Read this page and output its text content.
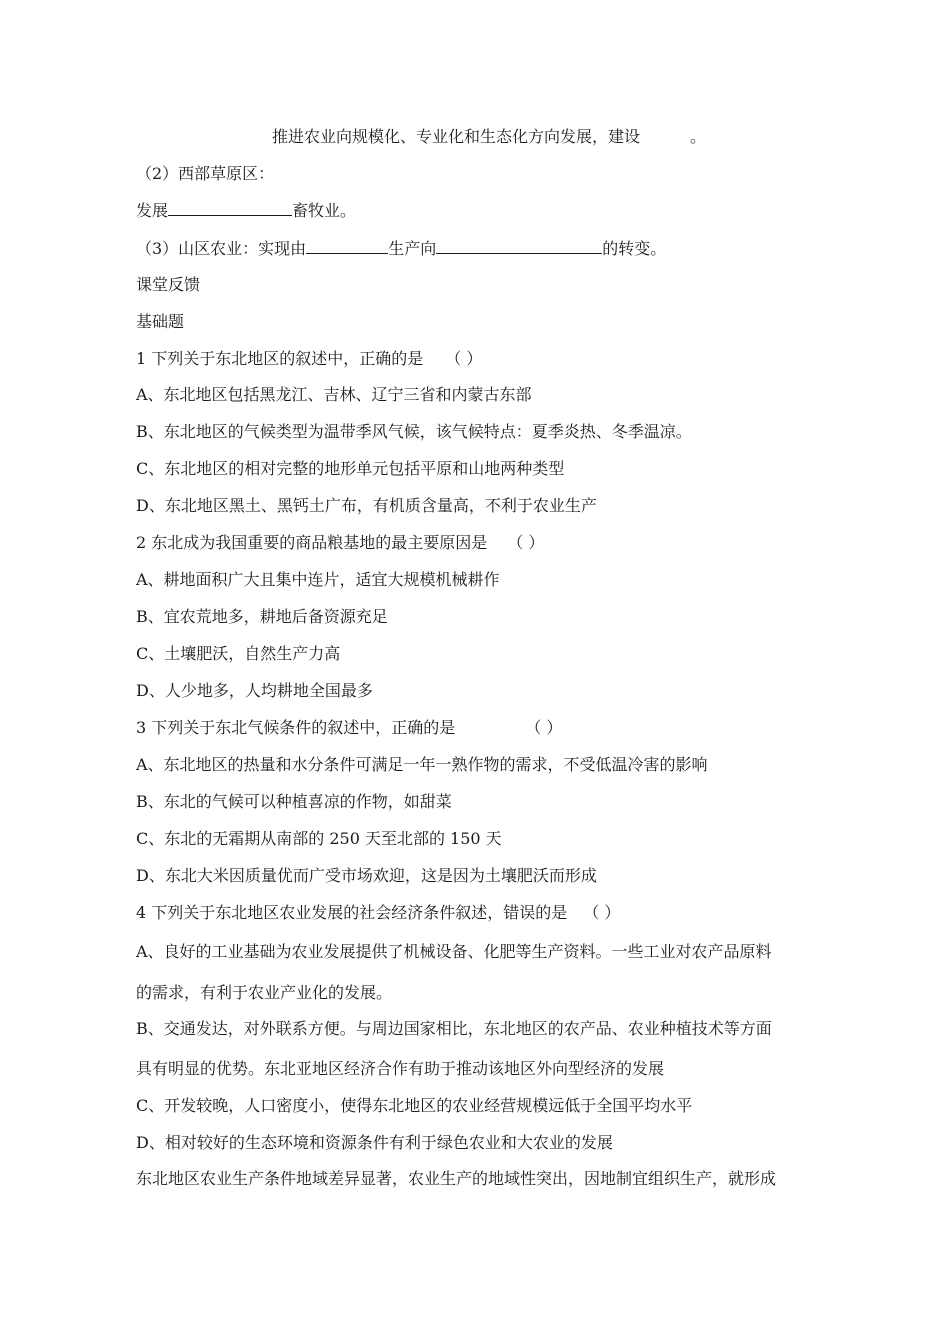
推进农业向规模化、专业化和生态化方向发展，建设	。
（2）西部草原区：
发展	畜牧业。
（3）山区农业：实现由	生产向	的转变。
课堂反馈
基础题
1 下列关于东北地区的叙述中，正确的是 （ ）
A、东北地区包括黑龙江、吉林、辽宁三省和内蒙古东部
B、东北地区的气候类型为温带季风气候，该气候特点：夏季炎热、冬季温凉。
C、东北地区的相对完整的地形单元包括平原和山地两种类型
D、东北地区黑土、黑钙土广布，有机质含量高，不利于农业生产
2 东北成为我国重要的商品粮基地的最主要原因是 （ ）
A、耕地面积广大且集中连片，适宜大规模机械耕作
B、宜农荒地多，耕地后备资源充足
C、土壤肥沃，自然生产力高
D、人少地多，人均耕地全国最多
3 下列关于东北气候条件的叙述中，正确的是	（ ）
A、东北地区的热量和水分条件可满足一年一熟作物的需求，不受低温冷害的影响
B、东北的气候可以种植喜凉的作物，如甜菜
C、东北的无霜期从南部的 250 天至北部的 150 天
D、东北大米因质量优而广受市场欢迎，这是因为土壤肥沃而形成
4 下列关于东北地区农业发展的社会经济条件叙述，错误的是 （ ）
A、良好的工业基础为农业发展提供了机械设备、化肥等生产资料。一些工业对农产品原料
的需求，有利于农业产业化的发展。
B、交通发达，对外联系方便。与周边国家相比，东北地区的农产品、农业种植技术等方面
具有明显的优势。东北亚地区经济合作有助于推动该地区外向型经济的发展
C、开发较晚，人口密度小，使得东北地区的农业经营规模远低于全国平均水平
D、相对较好的生态环境和资源条件有利于绿色农业和大农业的发展
东北地区农业生产条件地域差异显著，农业生产的地域性突出，因地制宜组织生产，就形成
